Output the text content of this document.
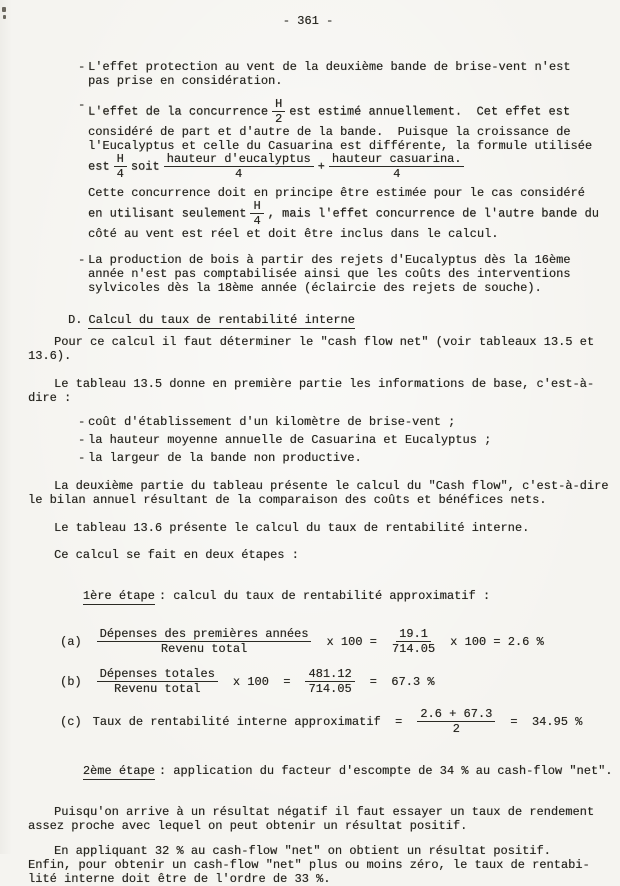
- 361 -
- L'effet protection au vent de la deuxième bande de brise-vent n'est
pas prise en considération.
- L'effet de la concurrence $\frac{H}{2}$ est estimé annuellement.  Cet effet est
considéré de part et d'autre de la bande.  Puisque la croissance de
l'Eucalyptus et celle du Casuarina est différente, la formule utilisée
est $\frac{H}{4}$ soit $\frac{\text{hauteur d'eucalyptus}}{4} + \frac{\text{hauteur casuarina.}}{4}$
Cette concurrence doit en principe être estimée pour le cas considéré
en utilisant seulement $\frac{H}{4}$ , mais l'effet concurrence de l'autre bande du
côté au vent est réel et doit être inclus dans le calcul.
- La production de bois à partir des rejets d'Eucalyptus dès la 16ème
année n'est pas comptabilisée ainsi que les coûts des interventions
sylvicoles dès la 18ème année (éclaircie des rejets de souche).
D. Calcul du taux de rentabilité interne
Pour ce calcul il faut déterminer le "cash flow net" (voir tableaux 13.5 et
13.6).
Le tableau 13.5 donne en première partie les informations de base, c'est-à-
dire :
- coût d'établissement d'un kilomètre de brise-vent ;
- la hauteur moyenne annuelle de Casuarina et Eucalyptus ;
- la largeur de la bande non productive.
La deuxième partie du tableau présente le calcul du "Cash flow", c'est-à-dire
le bilan annuel résultant de la comparaison des coûts et bénéfices nets.
Le tableau 13.6 présente le calcul du taux de rentabilité interne.
Ce calcul se fait en deux étapes :

1ère étape : calcul du taux de rentabilité approximatif :

$(a) \frac{\text{Dépenses des premières années}}{\text{Revenu total}}$ x $100 = \frac{19.1}{714.05}$ x 100 = 2.6 %
$(b) \frac{\text{Dépenses totales}}{\text{Revenu total}}$ x $100 = \frac{481.12}{714.05} = 67.3$ %
(c) Taux de rentabilité interne approximatif  = $\frac{2.6 + 67.3}{2} = 34.95$ %

2ème étape : application du facteur d'escompte de 34 % au cash-flow "net".

Puisqu'on arrive à un résultat négatif il faut essayer un taux de rendement
assez proche avec lequel on peut obtenir un résultat positif.
En appliquant 32 % au cash-flow "net" on obtient un résultat positif.
Enfin, pour obtenir un cash-flow "net" plus ou moins zéro, le taux de rentabi-
lité interne doit être de l'ordre de 33 %.
